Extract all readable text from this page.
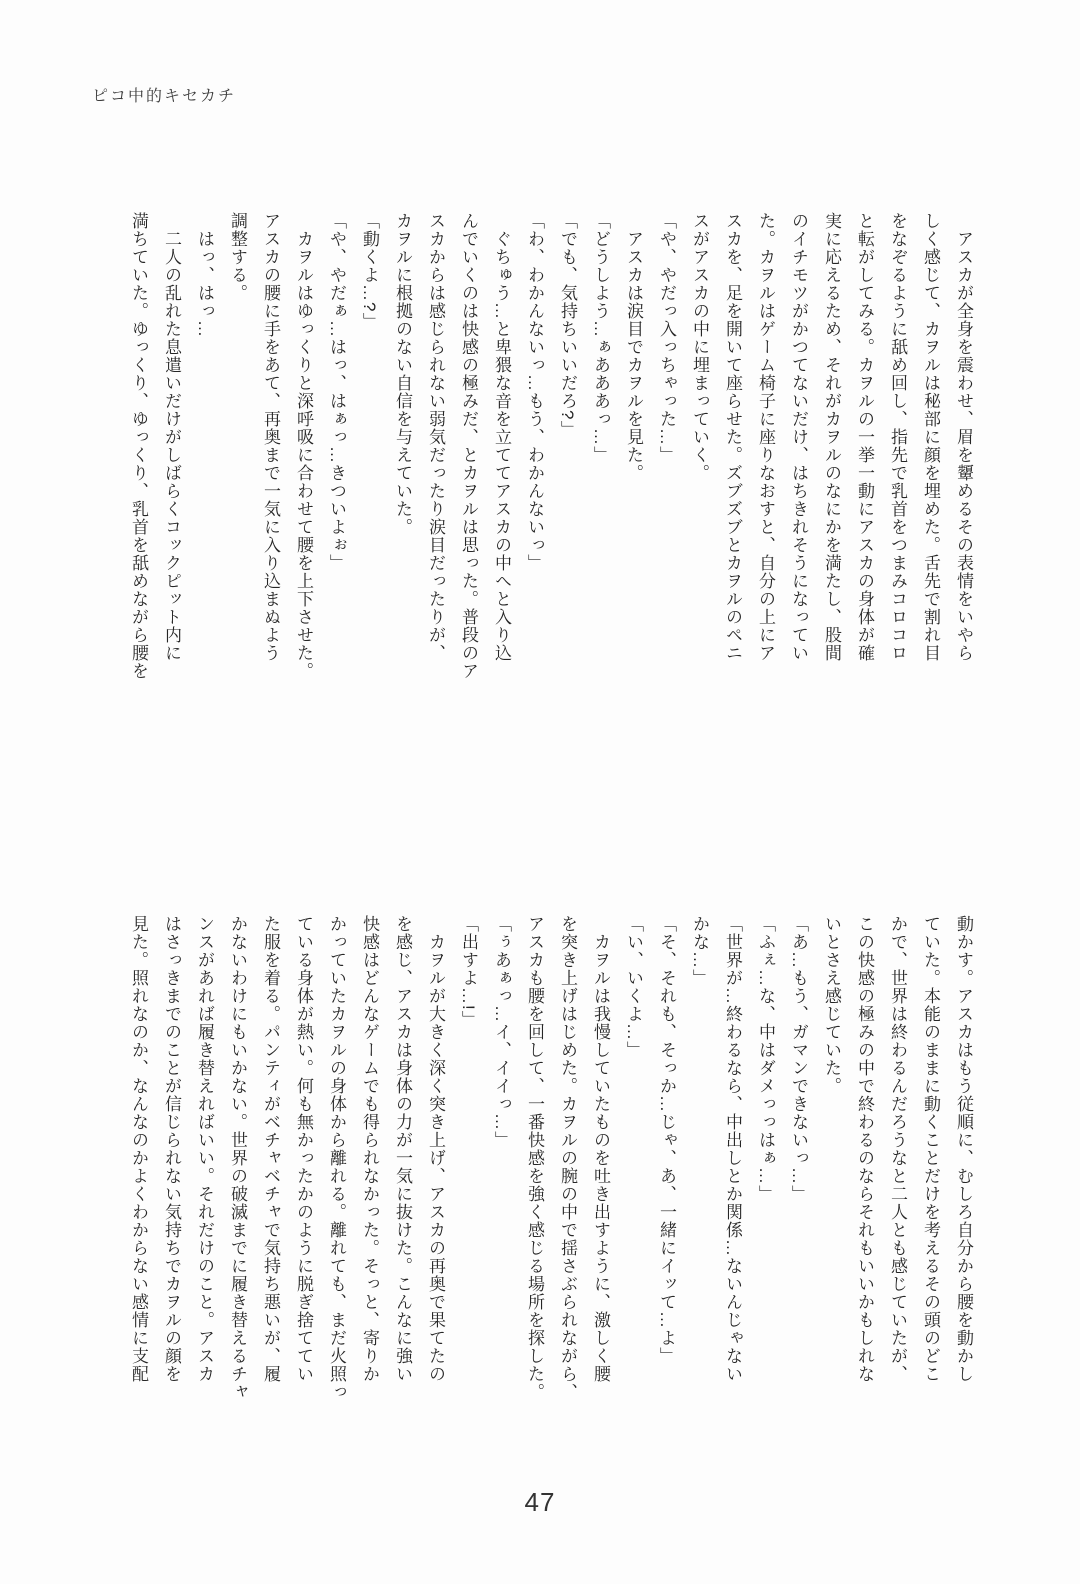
ピコ中的キセカチ
アスカが全身を震わせ、眉を顰めるその表情をいやら
しく感じて、カヲルは秘部に顔を埋めた。舌先で割れ目
をなぞるように舐め回し、指先で乳首をつまみコロコロ
と転がしてみる。カヲルの一挙一動にアスカの身体が確
実に応えるため、それがカヲルのなにかを満たし、股間
のイチモツがかつてないだけ、はちきれそうになってい
た。カヲルはゲーム椅子に座りなおすと、自分の上にア
スカを、足を開いて座らせた。ズブズブとカヲルのペニ
スがアスカの中に埋まっていく。
「や、やだっ入っちゃった…」
アスカは涙目でカヲルを見た。
「どうしよう…ぁあああっ…」
「でも、気持ちいいだろ?」
「わ、わかんないっ…もう、わかんないっ」
ぐちゅう…と卑猥な音を立ててアスカの中へと入り込
んでいくのは快感の極みだ、とカヲルは思った。普段のア
スカからは感じられない弱気だったり涙目だったりが、
カヲルに根拠のない自信を与えていた。
「動くよ…?」
「や、やだぁ…はっ、はぁっ…きついよぉ」
カヲルはゆっくりと深呼吸に合わせて腰を上下させた。
アスカの腰に手をあて、再奥まで一気に入り込まぬよう
調整する。
はっ、はっ…
二人の乱れた息遣いだけがしばらくコックピット内に
満ちていた。ゆっくり、ゆっくり、乳首を舐めながら腰を
動かす。アスカはもう従順に、むしろ自分から腰を動かし
ていた。本能のままに動くことだけを考えるその頭のどこ
かで、世界は終わるんだろうなと二人とも感じていたが、
この快感の極みの中で終わるのならそれもいいかもしれな
いとさえ感じていた。
「あ…もう、ガマンできないっ…」
「ふぇ…な、中はダメっっはぁ…」
「世界が…終わるなら、中出しとか関係…ないんじゃない
かな…」
「そ、それも、そっか…じゃ、あ、一緒にイッて…よ」
「い、いくよ…」
カヲルは我慢していたものを吐き出すように、激しく腰
を突き上げはじめた。カヲルの腕の中で揺さぶられながら、
アスカも腰を回して、一番快感を強く感じる場所を探した。
「ぅあぁっ…イ、イイっ…」
「出すよ…!」
カヲルが大きく深く突き上げ、アスカの再奥で果てたの
を感じ、アスカは身体の力が一気に抜けた。こんなに強い
快感はどんなゲームでも得られなかった。そっと、寄りか
かっていたカヲルの身体から離れる。離れても、まだ火照っ
ている身体が熱い。何も無かったかのように脱ぎ捨ててい
た服を着る。パンティがベチャベチャで気持ち悪いが、履
かないわけにもいかない。世界の破滅までに履き替えるチャ
ンスがあれば履き替えればいい。それだけのこと。アスカ
はさっきまでのことが信じられない気持ちでカヲルの顔を
見た。照れなのか、なんなのかよくわからない感情に支配
47
